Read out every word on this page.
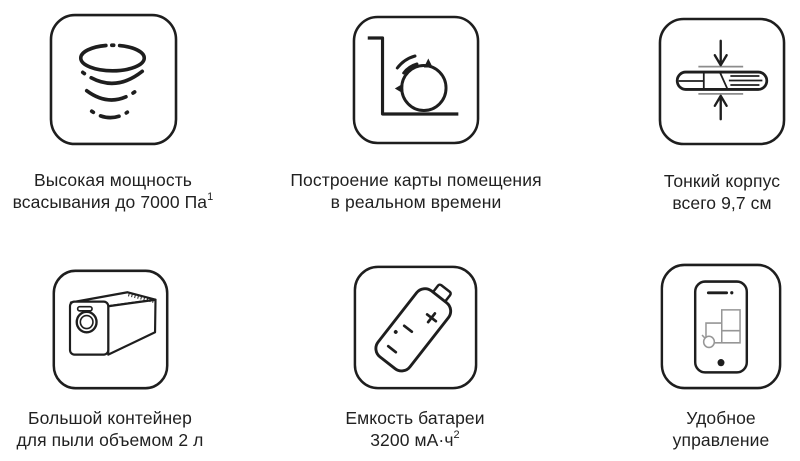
Высокая мощность
всасывания до 7000 $Па^1$
Построение карты помещения
в реальном времени
Тонкий корпус
всего 9,7 см
Большой контейнер
для пыли объемом 2 л
Емкость батареи
3200 $мА\cdot ч^2$
Удобное
управление
